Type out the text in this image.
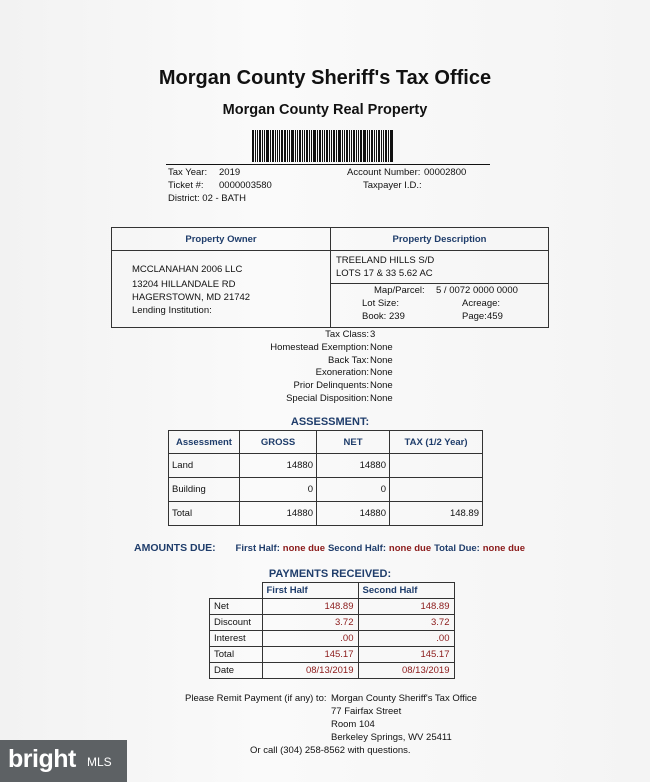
Morgan County Sheriff's Tax Office
Morgan County Real Property
Tax Year: 2019
Ticket #: 0000003580
District: 02 - BATH
Account Number: 00002800
Taxpayer I.D.:
Property Owner	Property Description
MCCLANAHAN 2006 LLC
13204 HILLANDALE RD
HAGERSTOWN, MD 21742
Lending Institution:
TREELAND HILLS S/D
LOTS 17 & 33 5.62 AC
Map/Parcel: 5 / 0072 0000 0000
Lot Size:	Acreage:
Book: 239	Page: 459
Tax Class: 3
Homestead Exemption: None
Back Tax: None
Exoneration: None
Prior Delinquents: None
Special Disposition: None
ASSESSMENT:
Assessment	GROSS	NET	TAX (1/2 Year)
Land	14880	14880	
Building	0	0	
Total	14880	14880	148.89
AMOUNTS DUE: First Half: none due Second Half: none due Total Due: none due
PAYMENTS RECEIVED:
	First Half	Second Half
Net	148.89	148.89
Discount	3.72	3.72
Interest	.00	.00
Total	145.17	145.17
Date	08/13/2019	08/13/2019
Please Remit Payment (if any) to: Morgan County Sheriff's Tax Office
77 Fairfax Street
Room 104
Berkeley Springs, WV 25411
Or call (304) 258-8562 with questions.
bright MLS
